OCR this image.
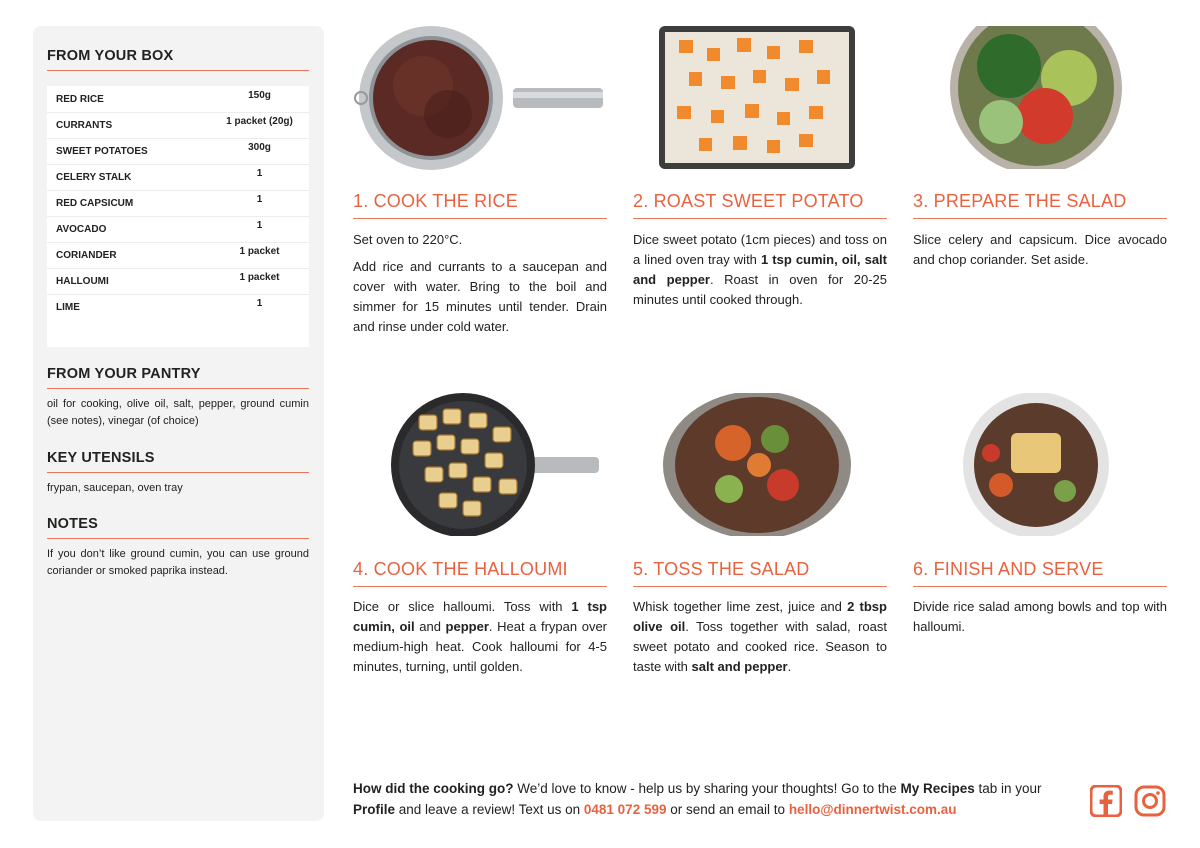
FROM YOUR BOX
RED RICE	150g
CURRANTS	1 packet (20g)
SWEET POTATOES	300g
CELERY STALK	1
RED CAPSICUM	1
AVOCADO	1
CORIANDER	1 packet
HALLOUMI	1 packet
LIME	1
FROM YOUR PANTRY
oil for cooking, olive oil, salt, pepper, ground cumin (see notes), vinegar (of choice)
KEY UTENSILS
frypan, saucepan, oven tray
NOTES
If you don’t like ground cumin, you can use ground coriander or smoked paprika instead.
1. COOK THE RICE

Set oven to 220°C.

Add rice and currants to a saucepan and cover with water. Bring to the boil and simmer for 15 minutes until tender. Drain and rinse under cold water.

2. ROAST SWEET POTATO

Dice sweet potato (1cm pieces) and toss on a lined oven tray with 1 tsp cumin, oil, salt and pepper. Roast in oven for 20-25 minutes until cooked through.

3. PREPARE THE SALAD

Slice celery and capsicum. Dice avocado and chop coriander. Set aside.

4. COOK THE HALLOUMI

Dice or slice halloumi. Toss with 1 tsp cumin, oil and pepper. Heat a frypan over medium-high heat. Cook halloumi for 4-5 minutes, turning, until golden.

5. TOSS THE SALAD

Whisk together lime zest, juice and 2 tbsp olive oil. Toss together with salad, roast sweet potato and cooked rice. Season to taste with salt and pepper.

6. FINISH AND SERVE

Divide rice salad among bowls and top with halloumi.

How did the cooking go? We’d love to know - help us by sharing your thoughts! Go to the My Recipes tab in your Profile and leave a review! Text us on 0481 072 599 or send an email to hello@dinnertwist.com.au
